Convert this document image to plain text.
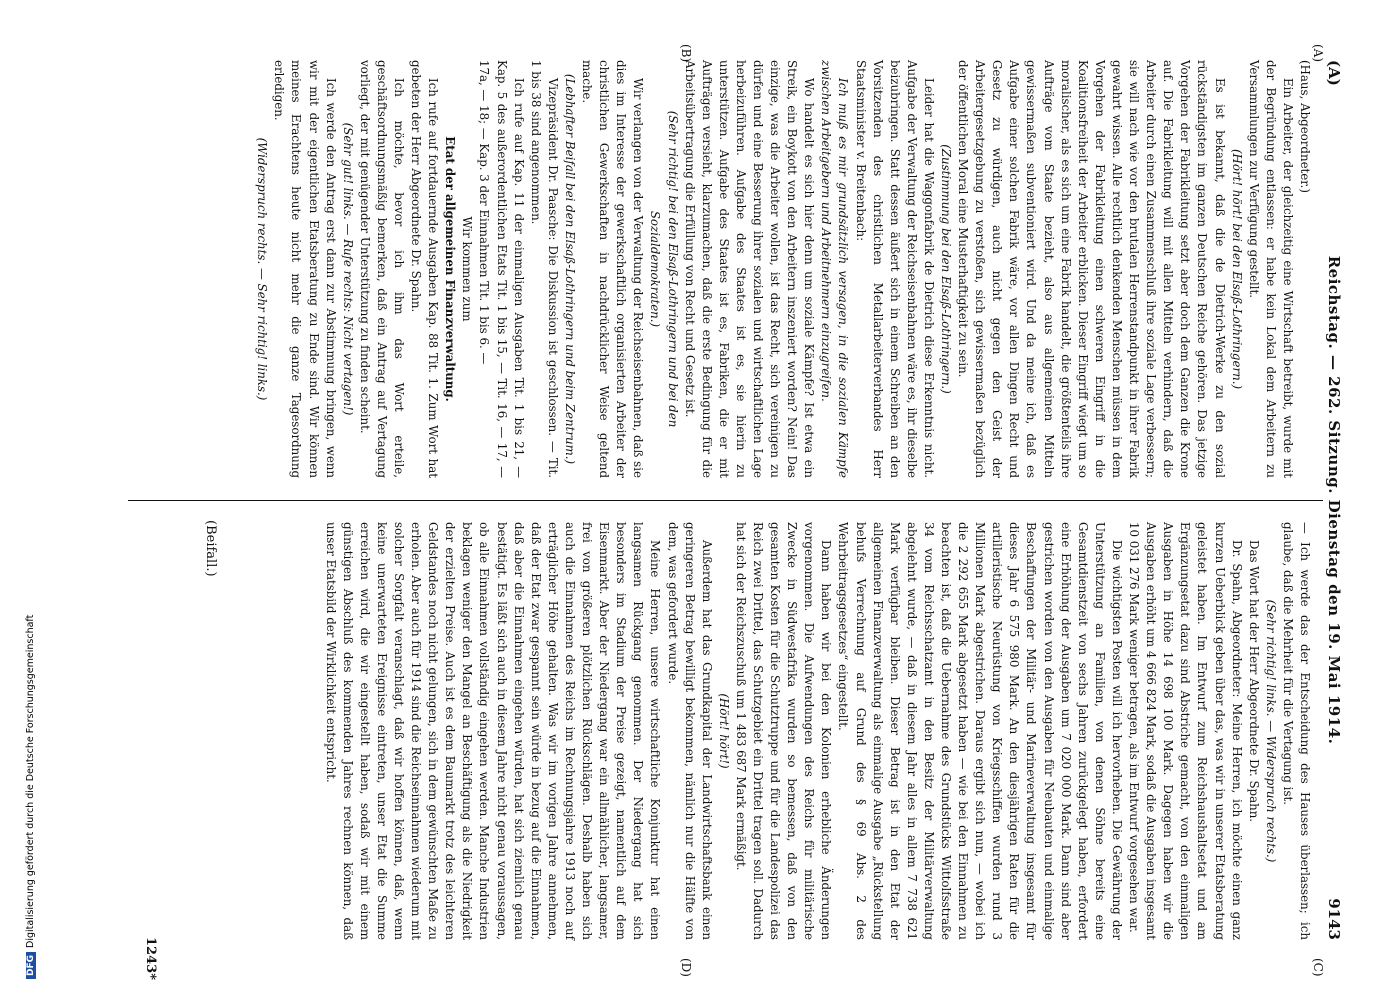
(A)
Reichstag. — 262. Sitzung. Dienstag den 19. Mai 1914.
9143
(A)
(B)
(C)
(D)

(Haus, Abgeordneter.)

Ein Arbeiter, der gleichzeitig eine Wirtschaft betreibt, wurde mit der Begründung entlassen: er habe kein Lokal dem Arbeitern zu Versammlungen zur Verfügung gestellt.

(Hört! hört! bei den Elsaß-Lothringern.)

Es ist bekannt, daß die de Dietrich-Werke zu den sozial rückständigsten im ganzen Deutschen Reiche gehören. Das jetzige Vorgehen der Fabrikleitung setzt aber doch dem Ganzen die Krone auf. Die Fabrikleitung will mit allen Mitteln verhindern, daß die Arbeiter durch einen Zusammenschluß ihre soziale Lage verbessern; sie will nach wie vor den brutalen Herrenstandpunkt in ihrer Fabrik gewahrt wissen. Alle rechtlich denkenden Menschen müssen in dem Vorgehen der Fabrikleitung einen schweren Eingriff in die Koalitionsfreiheit der Arbeiter erblicken. Dieser Eingriff wiegt um so moralischer, als es sich um eine Fabrik handelt, die größtenteils ihre Aufträge vom Staate bezieht, also aus allgemeinen Mitteln gewissermaßen subventioniert wird. Und da meine ich, daß es Aufgabe einer solchen Fabrik wäre, vor allen Dingen Recht und Gesetz zu würdigen, auch nicht gegen den Geist der Arbeitergesetzgebung zu verstoßen, sich gewissermaßen bezüglich der öffentlichen Moral eine Musterhaftigkeit zu sein.

(Zustimmung bei den Elsaß-Lothringern.)

Leider hat die Waggonfabrik de Dietrich diese Erkenntnis nicht. Aufgabe der Verwaltung der Reichseisenbahnen wäre es, ihr dieselbe beizubringen. Statt dessen äußert sich in einem Schreiben an den Vorsitzenden des christlichen Metallarbeiterverbandes Herr Staatsminister v. Breitenbach:

Ich muß es mir grundsätzlich versagen, in die sozialen Kämpfe zwischen Arbeitgebern und Arbeitnehmern einzugreifen.

Wo handelt es sich hier denn um soziale Kämpfe? Ist etwa ein Streik, ein Boykott von den Arbeitern inszeniert worden? Nein! Das einzige, was die Arbeiter wollen, ist das Recht, sich vereinigen zu dürfen und eine Besserung ihrer sozialen und wirtschaftlichen Lage herbeizuführen. Aufgabe des Staates ist es, sie hierin zu unterstützen. Aufgabe des Staates ist es, Fabriken, die er mit Aufträgen versieht, klarzumachen, daß die erste Bedingung für die Arbeitsübertragung die Erfüllung von Recht und Gesetz ist.

(Sehr richtig! bei den Elsaß-Lothringern und bei den Sozialdemokraten.)

Wir verlangen von der Verwaltung der Reichseisenbahnen, daß sie dies im Interesse der gewerkschaftlich organisierten Arbeiter der christlichen Gewerkschaften in nachdrücklicher Weise geltend mache.

(Lebhafter Beifall bei den Elsaß-Lothringern und beim Zentrum.)

Vizepräsident Dr. Paasche: Die Diskussion ist geschlossen. — Tit. 1 bis 38 sind angenommen.

Ich rufe auf Kap. 11 der einmaligen Ausgaben Tit. 1 bis 21, — Kap. 5 des außerordentlichen Etats Tit. 1 bis 15, — Tit. 16, — 17, — 17a, — 18; — Kap. 3 der Einnahmen Tit. 1 bis 6. —

Wir kommen zum

Etat der allgemeinen Finanzverwaltung.

Ich rufe auf fortdauernde Ausgaben Kap. 88 Tit. 1. Zum Wort hat gebeten der Herr Abgeordnete Dr. Spahn.

Ich möchte, bevor ich ihm das Wort erteile, geschäftsordnungsmäßig bemerken, daß ein Antrag auf Vertagung vorliegt, der mit genügender Unterstützung zu finden scheint.

(Sehr gut! links. — Rufe rechts: Nicht vertagen!)

Ich werde den Antrag erst dann zur Abstimmung bringen, wenn wir mit der eigentlichen Etatsberatung zu Ende sind. Wir können meines Erachtens heute nicht mehr die ganze Tagesordnung erledigen.

(Widerspruch rechts. — Sehr richtig! links.)

— Ich werde das der Entscheidung des Hauses überlassen; ich glaube, daß die Mehrheit für die Vertagung ist.

(Sehr richtig! links. — Widerspruch rechts.)

Das Wort hat der Herr Abgeordnete Dr. Spahn.

Dr. Spahn, Abgeordneter: Meine Herren, ich möchte einen ganz kurzen Ueberblick geben über das, was wir in unserer Etatsberatung geleistet haben. Im Entwurf zum Reichshaushaltsetat und am Ergänzungsetat dazu sind Abstriche gemacht, von den einmaligen Ausgaben in Höhe 14 698 100 Mark. Dagegen haben wir die Ausgaben erhöht um 4 666 824 Mark, sodaß die Ausgaben insgesamt 10 031 276 Mark weniger betragen, als im Entwurf vorgesehen war.

Die wichtigsten Posten will ich hervorheben. Die Gewährung der Unterstützung an Familien, von denen Söhne bereits eine Gesamtdienstzeit von sechs Jahren zurückgelegt haben, erfordert eine Erhöhung der Ausgaben um 7 020 000 Mark. Dann sind aber gestrichen worden von den Ausgaben für Neubauten und einmalige Beschaffungen der Militär- und Marineverwaltung insgesamt für dieses Jahr 6 575 980 Mark. An den diesjährigen Raten für die artilleristische Neurüstung von Kriegsschiffen wurden rund 3 Millionen Mark abgestrichen. Daraus ergibt sich nun, — wobei ich die 2 292 655 Mark abgesetzt haben — wie bei den Einnahmen zu beachten ist, daß die Uebernahme des Grundstücks Wittolfsstraße 34 vom Reichsschatzamt in den Besitz der Militärverwaltung abgelehnt wurde, — daß in diesem Jahr alles in allem 7 738 621 Mark verfügbar bleiben. Dieser Betrag ist in den Etat der allgemeinen Finanzverwaltung als einmalige Ausgabe „Rückstellung behufs Verrechnung auf Grund des § 69 Abs. 2 des Wehrbeitragsgesetzes“ eingestellt.

Dann haben wir bei den Kolonien erhebliche Änderungen vorgenommen. Die Aufwendungen des Reichs für militärische Zwecke in Südwestafrika wurden so bemessen, daß von den gesamten Kosten für die Schutztruppe und für die Landespolizei das Reich zwei Drittel, das Schutzgebiet ein Drittel tragen soll. Dadurch hat sich der Reichszuschuß um 1 483 687 Mark ermäßigt.

(Hört! hört!)

Außerdem hat das Grundkapital der Landwirtschaftsbank einen geringeren Betrag bewilligt bekommen, nämlich nur die Hälfte von dem, was gefordert wurde.

Meine Herren, unsere wirtschaftliche Konjunktur hat einen langsamen Rückgang genommen. Der Niedergang hat sich besonders im Stadium der Preise gezeigt, namentlich auf dem Eisenmarkt. Aber der Niedergang war ein allmählicher, langsamer, frei von größeren plötzlichen Rückschlägen. Deshalb haben sich auch die Einnahmen des Reichs im Rechnungsjahre 1913 noch auf erträglicher Höhe gehalten. Was wir im vorigen Jahre annehmen, daß der Etat zwar gespannt sein würde in bezug auf die Einnahmen, daß aber die Einnahmen eingehen würden, hat sich ziemlich genau bestätigt. Es läßt sich auch in diesem Jahre nicht genau voraussagen, ob alle Einnahmen vollständig eingehen werden. Manche Industrien beklagen weniger den Mangel an Beschäftigung als die Niedrigkeit der erzielten Preise. Auch ist es dem Baumarkt trotz des leichteren Geldstandes noch nicht gelungen, sich in dem gewünschten Maße zu erholen. Aber auch für 1914 sind die Reichseinnahmen wiederum mit solcher Sorgfalt veranschlagt, daß wir hoffen können, daß, wenn keine unerwarteten Ereignisse eintreten, unser Etat die Summe erreichen wird, die wir eingestellt haben, sodaß wir mit einem günstigen Abschluß des kommenden Jahres rechnen können, daß unser Etatsbild der Wirklichkeit entspricht.

(Beifall.)
1243*
DFGDigitalisierung gefördert durch die Deutsche Forschungsgemeinschaft
